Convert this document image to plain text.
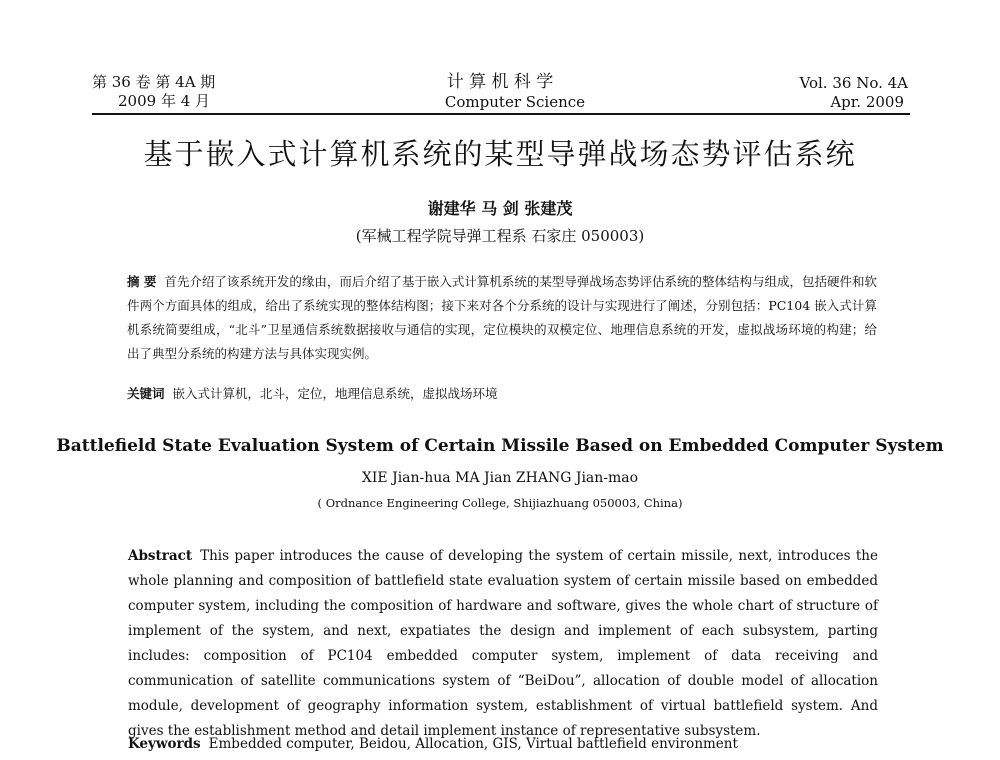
第 36 卷 第 4A 期
2009 年 4 月
计 算 机 科 学
Computer Science
Vol. 36 No. 4A
Apr. 2009
基于嵌入式计算机系统的某型导弹战场态势评估系统
谢建华 马 剑 张建茂
(军械工程学院导弹工程系 石家庄 050003)
摘 要 首先介绍了该系统开发的缘由，而后介绍了基于嵌入式计算机系统的某型导弹战场态势评估系统的整体结构与组成，包括硬件和软件两个方面具体的组成，给出了系统实现的整体结构图；接下来对各个分系统的设计与实现进行了阐述，分别包括：PC104 嵌入式计算机系统简要组成，“北斗”卫星通信系统数据接收与通信的实现，定位模块的双模定位、地理信息系统的开发，虚拟战场环境的构建；给出了典型分系统的构建方法与具体实现实例。
关键词 嵌入式计算机，北斗，定位，地理信息系统，虚拟战场环境
Battlefield State Evaluation System of Certain Missile Based on Embedded Computer System
XIE Jian-hua MA Jian ZHANG Jian-mao
( Ordnance Engineering College, Shijiazhuang 050003, China)
Abstract This paper introduces the cause of developing the system of certain missile, next, introduces the whole planning and composition of battlefield state evaluation system of certain missile based on embedded computer system, including the composition of hardware and software, gives the whole chart of structure of implement of the system, and next, expatiates the design and implement of each subsystem, parting includes: composition of PC104 embedded computer system, implement of data receiving and communication of satellite communications system of “BeiDou”, allocation of double model of allocation module, development of geography information system, establishment of virtual battlefield system. And gives the establishment method and detail implement instance of representative subsystem.
Keywords Embedded computer, Beidou, Allocation, GIS, Virtual battlefield environment
